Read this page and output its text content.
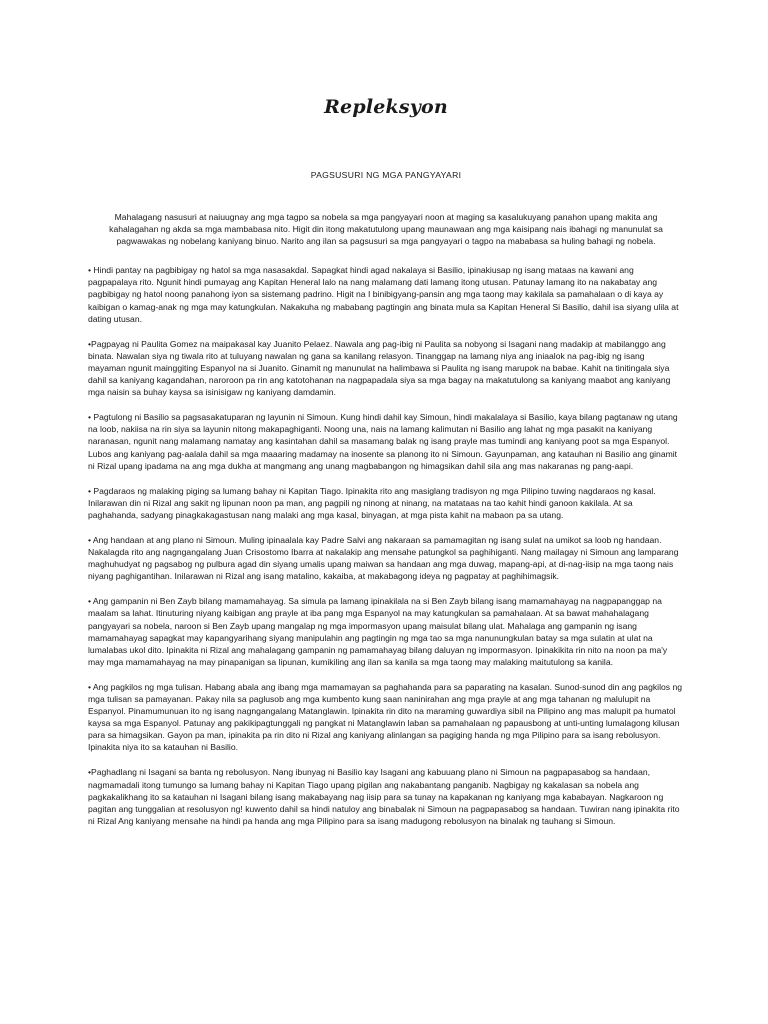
Repleksyon
PAGSUSURI NG MGA PANGYAYARI

Mahalagang nasusuri at naiuugnay ang mga tagpo sa nobela sa mga pangyayari noon at maging sa kasalukuyang panahon upang makita ang kahalagahan ng akda sa mga mambabasa nito. Higit din itong makatutulong upang maunawaan ang mga kaisipang nais ibahagi ng manunulat sa pagwawakas ng nobelang kaniyang binuo. Narito ang ilan sa pagsusuri sa mga pangyayari o tagpo na mababasa sa huling bahagi ng nobela.

• Hindi pantay na pagbibigay ng hatol sa mga nasasakdal. Sapagkat hindi agad nakalaya si Basilio, ipinakiusap ng isang mataas na kawani ang pagpapalaya rito. Ngunit hindi pumayag ang Kapitan Heneral lalo na nang malamang dati lamang itong utusan. Patunay lamang ito na nakabatay ang pagbibigay ng hatol noong panahong iyon sa sistemang padrino. Higit na I binibigyang-pansin ang mga taong may kakilala sa pamahalaan o di kaya ay kaibigan o kamag-anak ng mga may katungkulan. Nakakuha ng mababang pagtingin ang binata mula sa Kapitan Heneral Si Basilio, dahil isa siyang ulila at dating utusan.

•Pagpayag ni Paulita Gomez na maipakasal kay Juanito Pelaez. Nawala ang pag-ibig ni Paulita sa nobyong si Isagani nang madakip at mabilanggo ang binata. Nawalan siya ng tiwala rito at tuluyang nawalan ng gana sa kanilang relasyon. Tinanggap na lamang niya ang iniaalok na pag-ibig ng isang mayaman ngunit mainggiting Espanyol na si Juanito. Ginamit ng manunulat na halimbawa si Paulita ng isang marupok na babae. Kahit na tinitingala siya dahil sa kaniyang kagandahan, naroroon pa rin ang katotohanan na nagpapadala siya sa mga bagay na makatutulong sa kaniyang maabot ang kaniyang mga naisin sa buhay kaysa sa isinisigaw ng kaniyang damdamin.

• Pagtulong ni Basilio sa pagsasakatuparan ng layunin ni Simoun. Kung hindi dahil kay Simoun, hindi makalalaya si Basilio, kaya bilang pagtanaw ng utang na loob, nakiisa na rin siya sa layunin nitong makapaghiganti. Noong una, nais na lamang kalimutan ni Basilio ang lahat ng mga pasakit na kaniyang naranasan, ngunit nang malamang namatay ang kasintahan dahil sa masamang balak ng isang prayle mas tumindi ang kaniyang poot sa mga Espanyol. Lubos ang kaniyang pag-aalala dahil sa mga maaaring madamay na inosente sa planong ito ni Simoun. Gayunpaman, ang katauhan ni Basilio ang ginamit ni Rizal upang ipadama na ang mga dukha at mangmang ang unang magbabangon ng himagsikan dahil sila ang mas nakaranas ng pang-aapi.

• Pagdaraos ng malaking piging sa lumang bahay ni Kapitan Tiago. Ipinakita rito ang masiglang tradisyon ng mga Pilipino tuwing nagdaraos ng kasal. Inilarawan din ni Rizal ang sakit ng lipunan noon pa man, ang pagpili ng ninong at ninang, na matataas na tao kahit hindi ganoon kakilala. At sa paghahanda, sadyang pinagkakagastusan nang malaki ang mga kasal, binyagan, at mga pista kahit na mabaon pa sa utang.

• Ang handaan at ang plano ni Simoun. Muling ipinaalala kay Padre Salvi ang nakaraan sa pamamagitan ng isang sulat na umikot sa loob ng handaan. Nakalagda rito ang nagngangalang Juan Crisostomo Ibarra at nakalakip ang mensahe patungkol sa paghihiganti. Nang mailagay ni Simoun ang lamparang maghuhudyat ng pagsabog ng pulbura agad din siyang umalis upang maiwan sa handaan ang mga duwag, mapang-api, at di-nag-iisip na mga taong nais niyang paghigantihan. Inilarawan ni Rizal ang isang matalino, kakaiba, at makabagong ideya ng pagpatay at paghihimagsik.

• Ang gampanin ni Ben Zayb bilang mamamahayag. Sa simula pa lamang ipinakilala na si Ben Zayb bilang isang mamamahayag na nagpapanggap na maalam sa lahat. Itinuturing niyang kaibigan ang prayle at iba pang mga Espanyol na may katungkulan sa pamahalaan. At sa bawat mahahalagang pangyayari sa nobela, naroon si Ben Zayb upang mangalap ng mga impormasyon upang maisulat bilang ulat. Mahalaga ang gampanin ng isang mamamahayag sapagkat may kapangyarihang siyang manipulahin ang pagtingin ng mga tao sa mga nanunungkulan batay sa mga sulatin at ulat na lumalabas ukol dito. Ipinakita ni Rizal ang mahalagang gampanin ng pamamahayag bilang daluyan ng impormasyon. Ipinakikita rin nito na noon pa ma'y may mga mamamahayag na may pinapanigan sa lipunan, kumikiling ang ilan sa kanila sa mga taong may malaking maitutulong sa kanila.

• Ang pagkilos ng mga tulisan. Habang abala ang ibang mga mamamayan sa paghahanda para sa paparating na kasalan. Sunod-sunod din ang pagkilos ng mga tulisan sa pamayanan. Pakay nila sa paglusob ang mga kumbento kung saan naninirahan ang mga prayle at ang mga tahanan ng malulupit na Espanyol. Pinamumunuan ito ng isang nagngangalang Matanglawin. Ipinakita rin dito na maraming guwardiya sibil na Pilipino ang mas malupit pa humatol kaysa sa mga Espanyol. Patunay ang pakikipagtunggali ng pangkat ni Matanglawin laban sa pamahalaan ng papausbong at unti-unting lumalagong kilusan para sa himagsikan. Gayon pa man, ipinakita pa rin dito ni Rizal ang kaniyang alinlangan sa pagiging handa ng mga Pilipino para sa isang rebolusyon. Ipinakita niya ito sa katauhan ni Basilio.

•Paghadlang ni Isagani sa banta ng rebolusyon. Nang ibunyag ni Basilio kay Isagani ang kabuuang plano ni Simoun na pagpapasabog sa handaan, nagmamadali itong tumungo sa lumang bahay ni Kapitan Tiago upang pigilan ang nakabantang panganib. Nagbigay ng kakalasan sa nobela ang pagkakalikhang ito sa katauhan ni Isagani bilang isang makabayang nag iisip para sa tunay na kapakanan ng kaniyang mga kababayan. Nagkaroon ng pagitan ang tunggalian at resolusyon ng! kuwento dahil sa hindi natuloy ang binabalak ni Simoun na pagpapasabog sa handaan. Tuwiran nang ipinakita rito ni Rizal Ang kaniyang mensahe na hindi pa handa ang mga Pilipino para sa isang madugong rebolusyon na binalak ng tauhang si Simoun.
